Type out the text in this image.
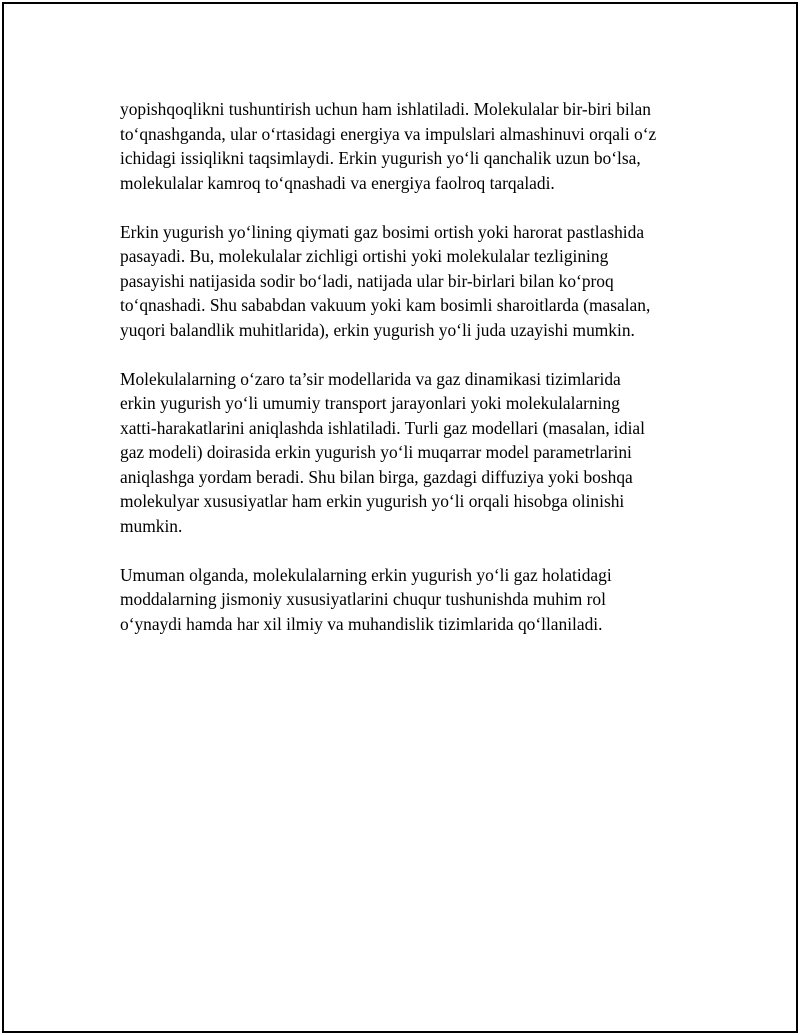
yopishqoqlikni tushuntirish uchun ham ishlatiladi. Molekulalar bir-biri bilan
to‘qnashganda, ular o‘rtasidagi energiya va impulslari almashinuvi orqali o‘z
ichidagi issiqlikni taqsimlaydi. Erkin yugurish yo‘li qanchalik uzun bo‘lsa,
molekulalar kamroq to‘qnashadi va energiya faolroq tarqaladi.

Erkin yugurish yo‘lining qiymati gaz bosimi ortish yoki harorat pastlashida
pasayadi. Bu, molekulalar zichligi ortishi yoki molekulalar tezligining
pasayishi natijasida sodir bo‘ladi, natijada ular bir-birlari bilan ko‘proq
to‘qnashadi. Shu sababdan vakuum yoki kam bosimli sharoitlarda (masalan,
yuqori balandlik muhitlarida), erkin yugurish yo‘li juda uzayishi mumkin.

Molekulalarning o‘zaro ta’sir modellarida va gaz dinamikasi tizimlarida
erkin yugurish yo‘li umumiy transport jarayonlari yoki molekulalarning
xatti-harakatlarini aniqlashda ishlatiladi. Turli gaz modellari (masalan, idial
gaz modeli) doirasida erkin yugurish yo‘li muqarrar model parametrlarini
aniqlashga yordam beradi. Shu bilan birga, gazdagi diffuziya yoki boshqa
molekulyar xususiyatlar ham erkin yugurish yo‘li orqali hisobga olinishi
mumkin.

Umuman olganda, molekulalarning erkin yugurish yo‘li gaz holatidagi
moddalarning jismoniy xususiyatlarini chuqur tushunishda muhim rol
o‘ynaydi hamda har xil ilmiy va muhandislik tizimlarida qo‘llaniladi.
